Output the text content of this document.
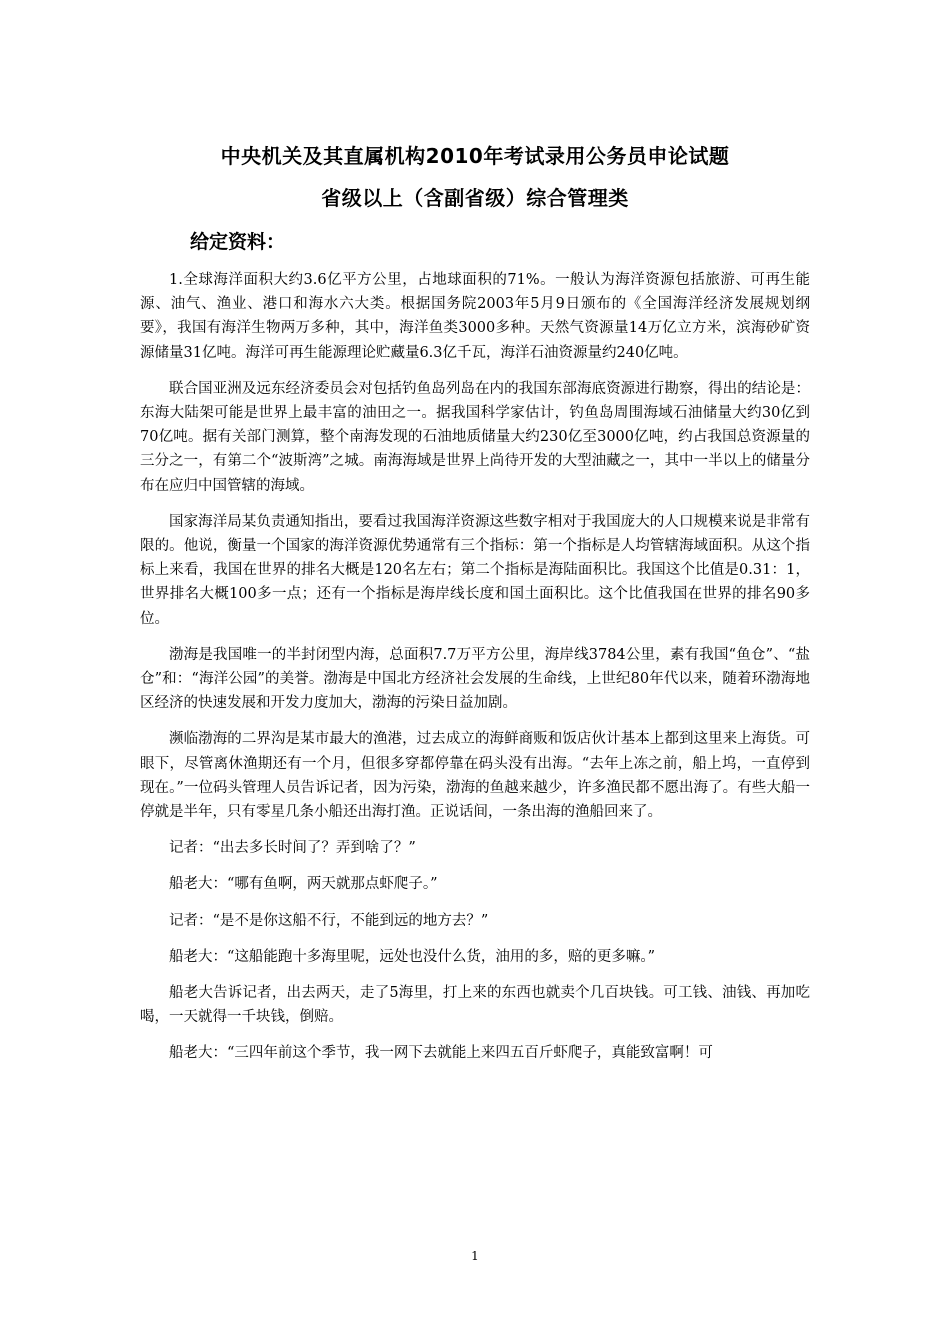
中央机关及其直属机构2010年考试录用公务员申论试题
省级以上（含副省级）综合管理类
给定资料：

1.全球海洋面积大约3.6亿平方公里，占地球面积的71%。一般认为海洋资源包括旅游、可再生能源、油气、渔业、港口和海水六大类。根据国务院2003年5月9日颁布的《全国海洋经济发展规划纲要》，我国有海洋生物两万多种，其中，海洋鱼类3000多种。天然气资源量14万亿立方米，滨海砂矿资源储量31亿吨。海洋可再生能源理论贮藏量6.3亿千瓦，海洋石油资源量约240亿吨。

联合国亚洲及远东经济委员会对包括钓鱼岛列岛在内的我国东部海底资源进行勘察，得出的结论是：东海大陆架可能是世界上最丰富的油田之一。据我国科学家估计，钓鱼岛周围海域石油储量大约30亿到70亿吨。据有关部门测算，整个南海发现的石油地质储量大约230亿至3000亿吨，约占我国总资源量的三分之一，有第二个“波斯湾”之城。南海海域是世界上尚待开发的大型油藏之一，其中一半以上的储量分布在应归中国管辖的海域。

国家海洋局某负责通知指出，要看过我国海洋资源这些数字相对于我国庞大的人口规模来说是非常有限的。他说，衡量一个国家的海洋资源优势通常有三个指标：第一个指标是人均管辖海域面积。从这个指标上来看，我国在世界的排名大概是120名左右；第二个指标是海陆面积比。我国这个比值是0.31：1，世界排名大概100多一点；还有一个指标是海岸线长度和国土面积比。这个比值我国在世界的排名90多位。

渤海是我国唯一的半封闭型内海，总面积7.7万平方公里，海岸线3784公里，素有我国“鱼仓”、“盐仓”和：“海洋公园”的美誉。渤海是中国北方经济社会发展的生命线，上世纪80年代以来，随着环渤海地区经济的快速发展和开发力度加大，渤海的污染日益加剧。

濒临渤海的二界沟是某市最大的渔港，过去成立的海鲜商贩和饭店伙计基本上都到这里来上海货。可眼下，尽管离休渔期还有一个月，但很多穿都停靠在码头没有出海。“去年上冻之前，船上坞，一直停到现在。”一位码头管理人员告诉记者，因为污染，渤海的鱼越来越少，许多渔民都不愿出海了。有些大船一停就是半年，只有零星几条小船还出海打渔。正说话间，一条出海的渔船回来了。

记者：“出去多长时间了？弄到啥了？”

船老大：“哪有鱼啊，两天就那点虾爬子。”

记者：“是不是你这船不行，不能到远的地方去？”

船老大：“这船能跑十多海里呢，远处也没什么货，油用的多，赔的更多嘛。”

船老大告诉记者，出去两天，走了5海里，打上来的东西也就卖个几百块钱。可工钱、油钱、再加吃喝，一天就得一千块钱，倒赔。

船老大：“三四年前这个季节，我一网下去就能上来四五百斤虾爬子，真能致富啊！可

1
